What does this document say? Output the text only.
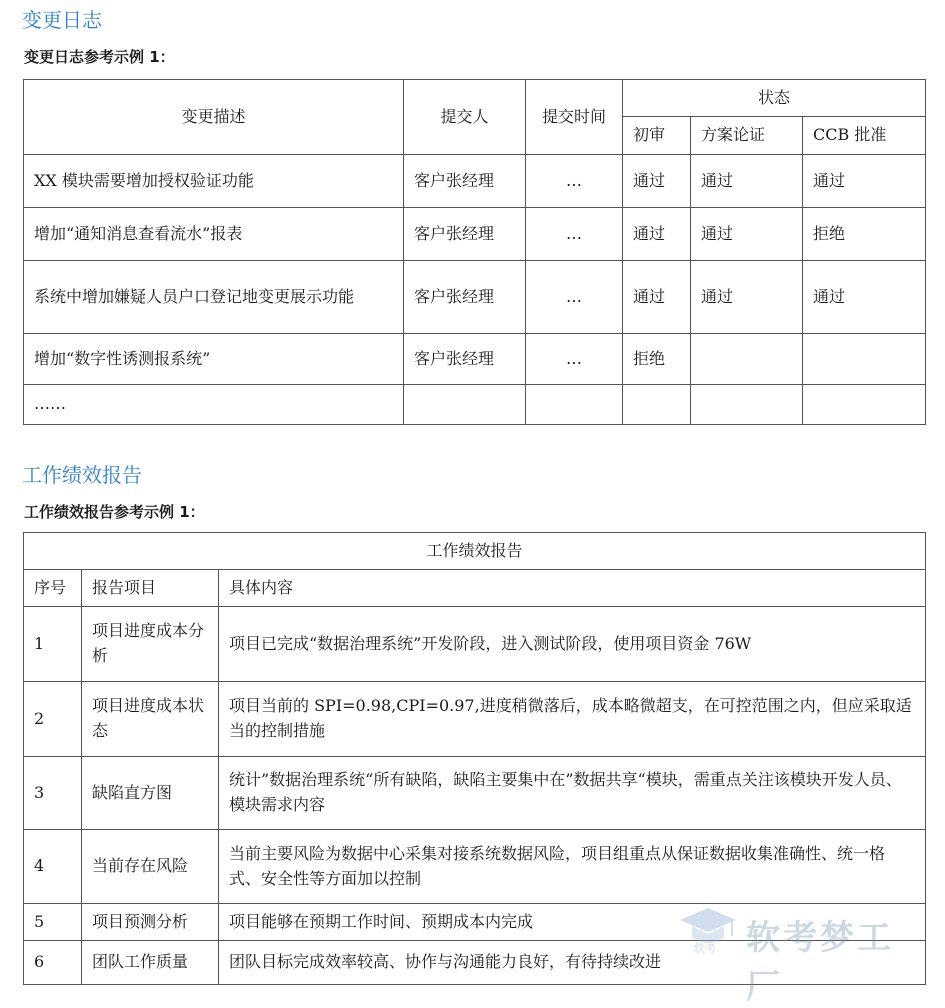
变更日志
变更日志参考示例 1：
变更描述	提交人	提交时间	状态		
			初审	方案论证	CCB 批准
XX 模块需要增加授权验证功能	客户张经理	…	通过	通过	通过
增加“通知消息查看流水”报表	客户张经理	…	通过	通过	拒绝
系统中增加嫌疑人员户口登记地变更展示功能	客户张经理	…	通过	通过	通过
增加“数字性诱测报系统”	客户张经理	…	拒绝		
……					
工作绩效报告
工作绩效报告参考示例 1：
工作绩效报告		
序号	报告项目	具体内容
1	项目进度成本分析	项目已完成“数据治理系统”开发阶段，进入测试阶段，使用项目资金 76W
2	项目进度成本状态	项目当前的 SPI=0.98,CPI=0.97,进度稍微落后，成本略微超支，在可控范围之内，但应采取适当的控制措施
3	缺陷直方图	统计”数据治理系统“所有缺陷，缺陷主要集中在”数据共享“模块，需重点关注该模块开发人员、模块需求内容
4	当前存在风险	当前主要风险为数据中心采集对接系统数据风险，项目组重点从保证数据收集准确性、统一格式、安全性等方面加以控制
5	项目预测分析	项目能够在预期工作时间、预期成本内完成
6	团队工作质量	团队目标完成效率较高、协作与沟通能力良好，有待持续改进
软考 软考梦工厂
